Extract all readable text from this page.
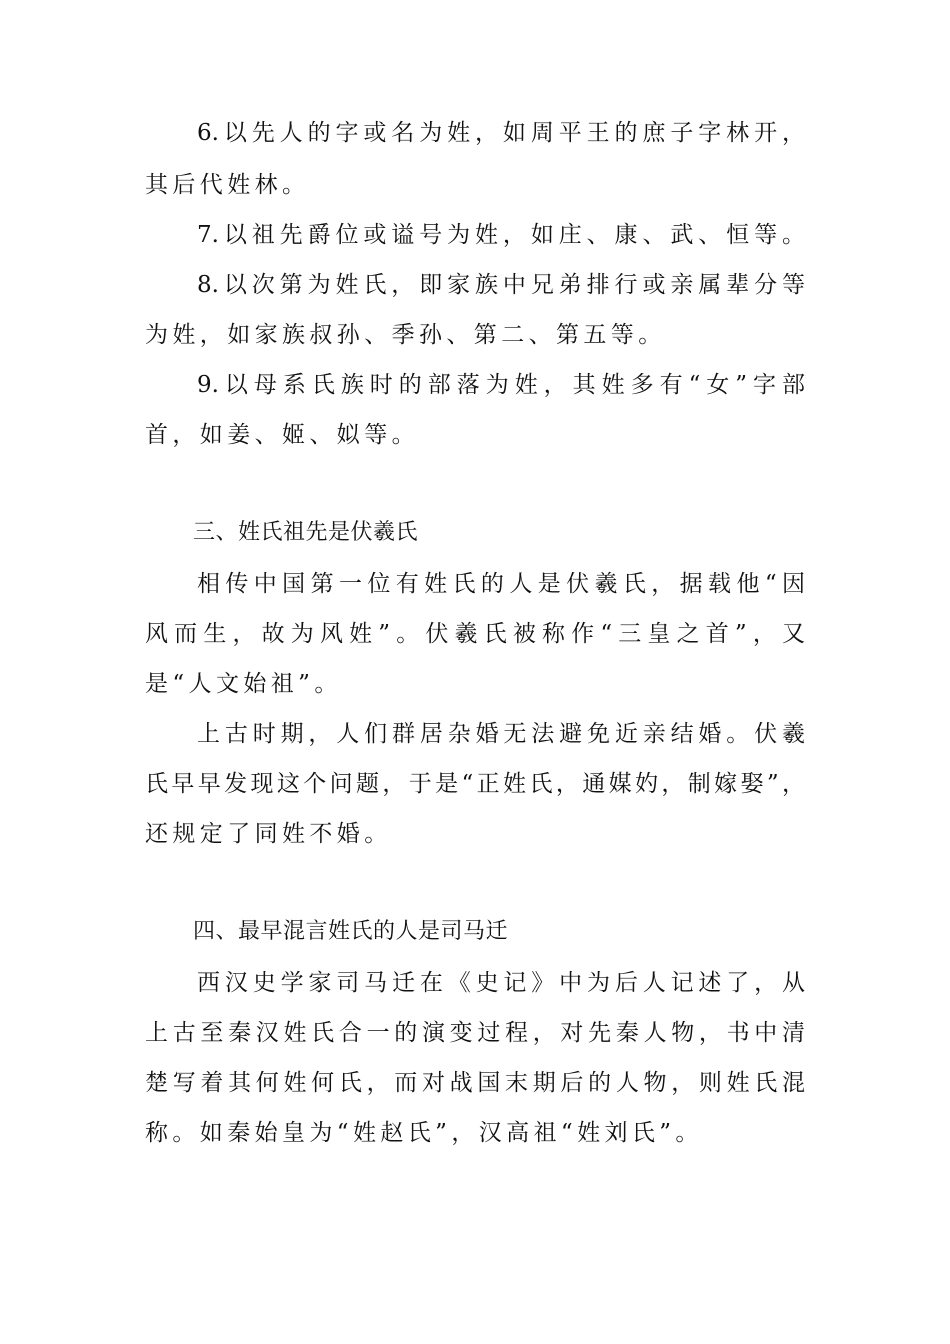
6.以先人的字或名为姓，如周平王的庶子字林开，
其后代姓林。
7.以祖先爵位或谥号为姓，如庄、康、武、恒等。
8.以次第为姓氏，即家族中兄弟排行或亲属辈分等
为姓，如家族叔孙、季孙、第二、第五等。
9.以母系氏族时的部落为姓，其姓多有“女”字部
首，如姜、姬、姒等。
三、姓氏祖先是伏羲氏
相传中国第一位有姓氏的人是伏羲氏，据载他“因
风而生，故为风姓”。伏羲氏被称作“三皇之首”，又
是“人文始祖”。
上古时期，人们群居杂婚无法避免近亲结婚。伏羲
氏早早发现这个问题，于是“正姓氏，通媒妁，制嫁娶”，
还规定了同姓不婚。
四、最早混言姓氏的人是司马迁
西汉史学家司马迁在《史记》中为后人记述了，从
上古至秦汉姓氏合一的演变过程，对先秦人物，书中清
楚写着其何姓何氏，而对战国末期后的人物，则姓氏混
称。如秦始皇为“姓赵氏”，汉高祖“姓刘氏”。
